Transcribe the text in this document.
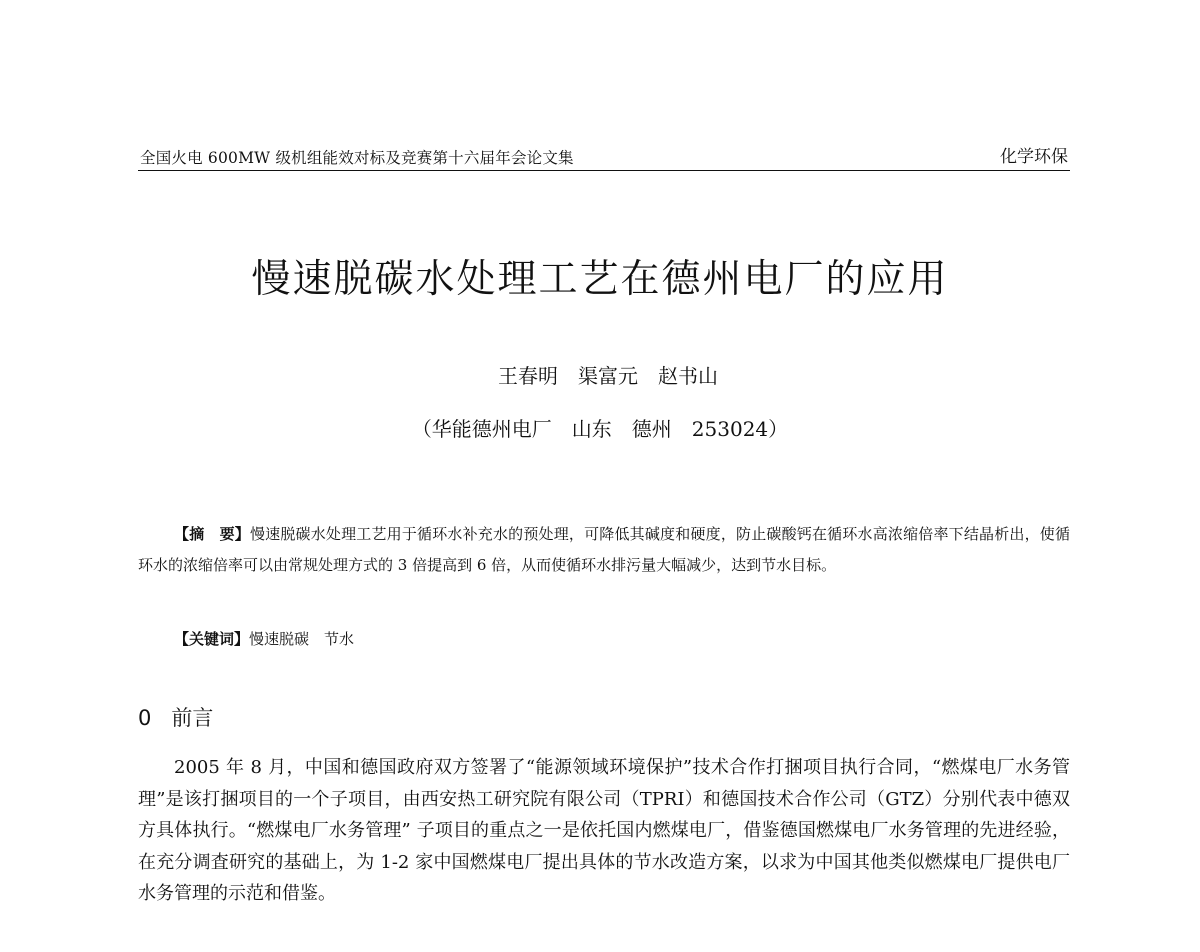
全国火电 600MW 级机组能效对标及竞赛第十六届年会论文集	化学环保
慢速脱碳水处理工艺在德州电厂的应用
王春明　渠富元　赵书山
（华能德州电厂　山东　德州　253024）
【摘　要】慢速脱碳水处理工艺用于循环水补充水的预处理，可降低其碱度和硬度，防止碳酸钙在循环水高浓缩倍率下结晶析出，使循环水的浓缩倍率可以由常规处理方式的 3 倍提高到 6 倍，从而使循环水排污量大幅减少，达到节水目标。
【关键词】慢速脱碳　节水
0 前言
2005 年 8 月，中国和德国政府双方签署了“能源领域环境保护”技术合作打捆项目执行合同，“燃煤电厂水务管理”是该打捆项目的一个子项目，由西安热工研究院有限公司（TPRI）和德国技术合作公司（GTZ）分别代表中德双方具体执行。“燃煤电厂水务管理” 子项目的重点之一是依托国内燃煤电厂，借鉴德国燃煤电厂水务管理的先进经验，在充分调査研究的基础上，为 1-2 家中国燃煤电厂提出具体的节水改造方案，以求为中国其他类似燃煤电厂提供电厂水务管理的示范和借鉴。
